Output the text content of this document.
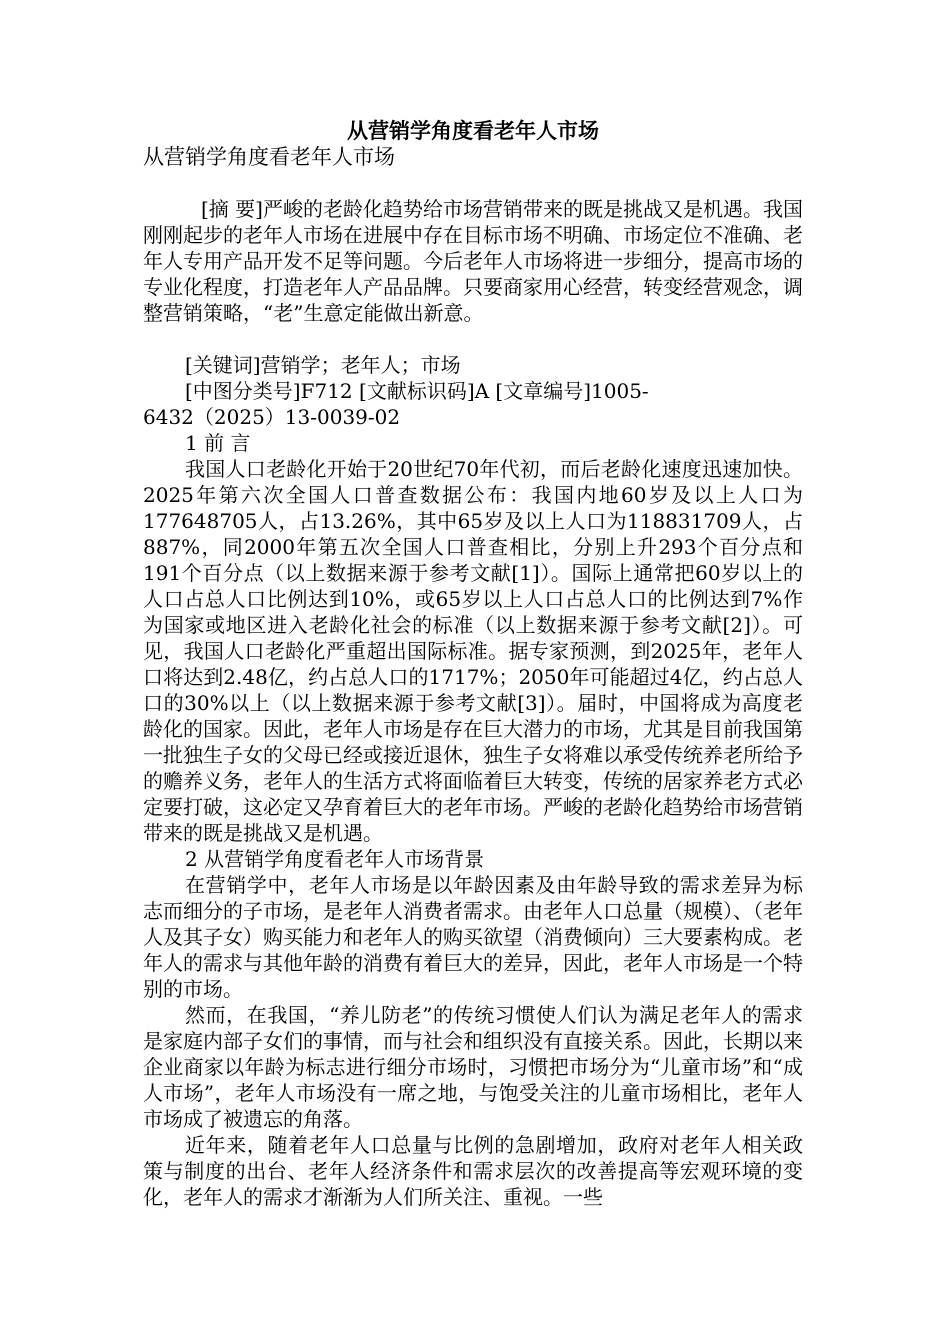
从营销学角度看老年人市场

从营销学角度看老年人市场

[摘 要]严峻的老龄化趋势给市场营销带来的既是挑战又是机遇。我国刚刚起步的老年人市场在进展中存在目标市场不明确、市场定位不准确、老年人专用产品开发不足等问题。今后老年人市场将进一步细分，提高市场的专业化程度，打造老年人产品品牌。只要商家用心经营，转变经营观念，调整营销策略，“老”生意定能做出新意。

[关键词]营销学；老年人；市场

[中图分类号]F712 [文献标识码]A [文章编号]1005-

6432（2025）13-0039-02

1 前 言

我国人口老龄化开始于20世纪70年代初，而后老龄化速度迅速加快。2025年第六次全国人口普查数据公布：我国内地60岁及以上人口为177648705人，占13.26%，其中65岁及以上人口为118831709人，占887%，同2000年第五次全国人口普查相比，分别上升293个百分点和191个百分点（以上数据来源于参考文献[1]）。国际上通常把60岁以上的人口占总人口比例达到10%，或65岁以上人口占总人口的比例达到7%作为国家或地区进入老龄化社会的标准（以上数据来源于参考文献[2]）。可见，我国人口老龄化严重超出国际标准。据专家预测，到2025年，老年人口将达到2.48亿，约占总人口的1717%；2050年可能超过4亿，约占总人口的30%以上（以上数据来源于参考文献[3]）。届时，中国将成为高度老龄化的国家。因此，老年人市场是存在巨大潜力的市场，尤其是目前我国第一批独生子女的父母已经或接近退休，独生子女将难以承受传统养老所给予的赡养义务，老年人的生活方式将面临着巨大转变，传统的居家养老方式必定要打破，这必定又孕育着巨大的老年市场。严峻的老龄化趋势给市场营销带来的既是挑战又是机遇。

2 从营销学角度看老年人市场背景

在营销学中，老年人市场是以年龄因素及由年龄导致的需求差异为标志而细分的子市场，是老年人消费者需求。由老年人口总量（规模）、（老年人及其子女）购买能力和老年人的购买欲望（消费倾向）三大要素构成。老年人的需求与其他年龄的消费有着巨大的差异，因此，老年人市场是一个特别的市场。

然而，在我国，“养儿防老”的传统习惯使人们认为满足老年人的需求是家庭内部子女们的事情，而与社会和组织没有直接关系。因此，长期以来企业商家以年龄为标志进行细分市场时，习惯把市场分为“儿童市场”和“成人市场”，老年人市场没有一席之地，与饱受关注的儿童市场相比，老年人市场成了被遗忘的角落。

近年来，随着老年人口总量与比例的急剧增加，政府对老年人相关政策与制度的出台、老年人经济条件和需求层次的改善提高等宏观环境的变化，老年人的需求才渐渐为人们所关注、重视。一些
